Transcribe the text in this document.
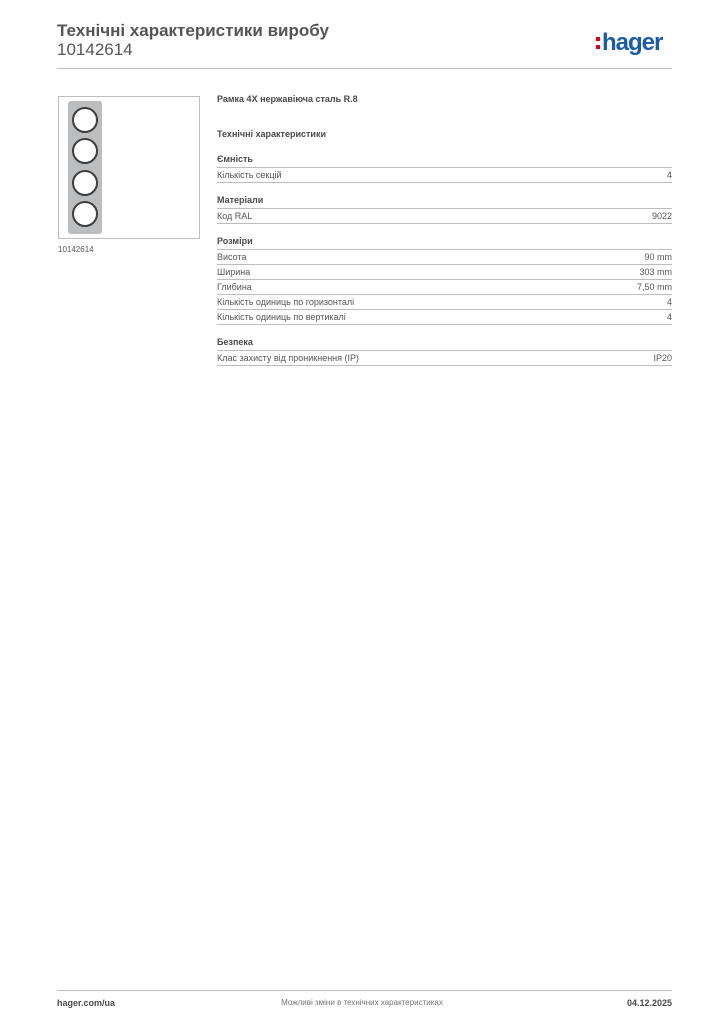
Технічні характеристики виробу
10142614	hager
10142614
Рамка 4X нержавіюча сталь R.8
Технічні характеристики
Ємність
Кількість секцій	4
Матеріали
Код RAL	9022
Розміри
Висота	90 mm
Ширина	303 mm
Глибина	7,50 mm
Кількість одиниць по горизонталі	4
Кількість одиниць по вертикалі	4
Безпека
Клас захисту від проникнення (IP)	IP20
hager.com/ua	Можливі зміни в технічних характеристиках	04.12.2025
